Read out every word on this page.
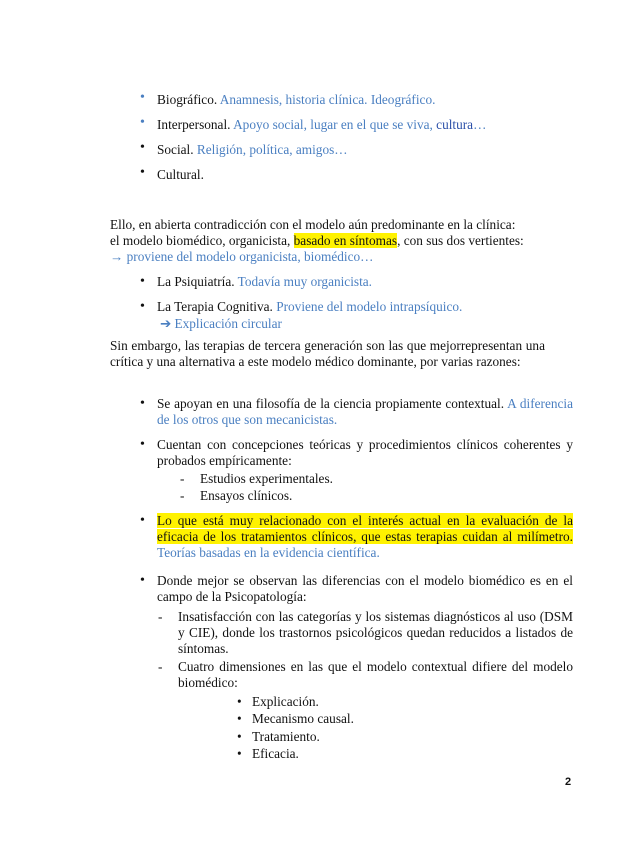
• Biográfico. Anamnesis, historia clínica. Ideográfico.
• Interpersonal. Apoyo social, lugar en el que se viva, cultura…
• Social. Religión, política, amigos…
• Cultural.
Ello, en abierta contradicción con el modelo aún predominante en la clínica:
el modelo biomédico, organicista, basado en síntomas, con sus dos vertientes:
→ proviene del modelo organicista, biomédico…
• La Psiquiatría. Todavía muy organicista.
• La Terapia Cognitiva. Proviene del modelo intrapsíquico.
➔ Explicación circular
Sin embargo, las terapias de tercera generación son las que mejorrepresentan una crítica y una alternativa a este modelo médico dominante, por varias razones:
• Se apoyan en una filosofía de la ciencia propiamente contextual. A diferencia de los otros que son mecanicistas.
• Cuentan con concepciones teóricas y procedimientos clínicos coherentes y probados empíricamente:
- Estudios experimentales.
- Ensayos clínicos.
• Lo que está muy relacionado con el interés actual en la evaluación de la eficacia de los tratamientos clínicos, que estas terapias cuidan al milímetro. Teorías basadas en la evidencia científica.
• Donde mejor se observan las diferencias con el modelo biomédico es en el campo de la Psicopatología:
- Insatisfacción con las categorías y los sistemas diagnósticos al uso (DSM y CIE), donde los trastornos psicológicos quedan reducidos a listados de síntomas.
- Cuatro dimensiones en las que el modelo contextual difiere del modelo biomédico:
• Explicación.
• Mecanismo causal.
• Tratamiento.
• Eficacia.
2
